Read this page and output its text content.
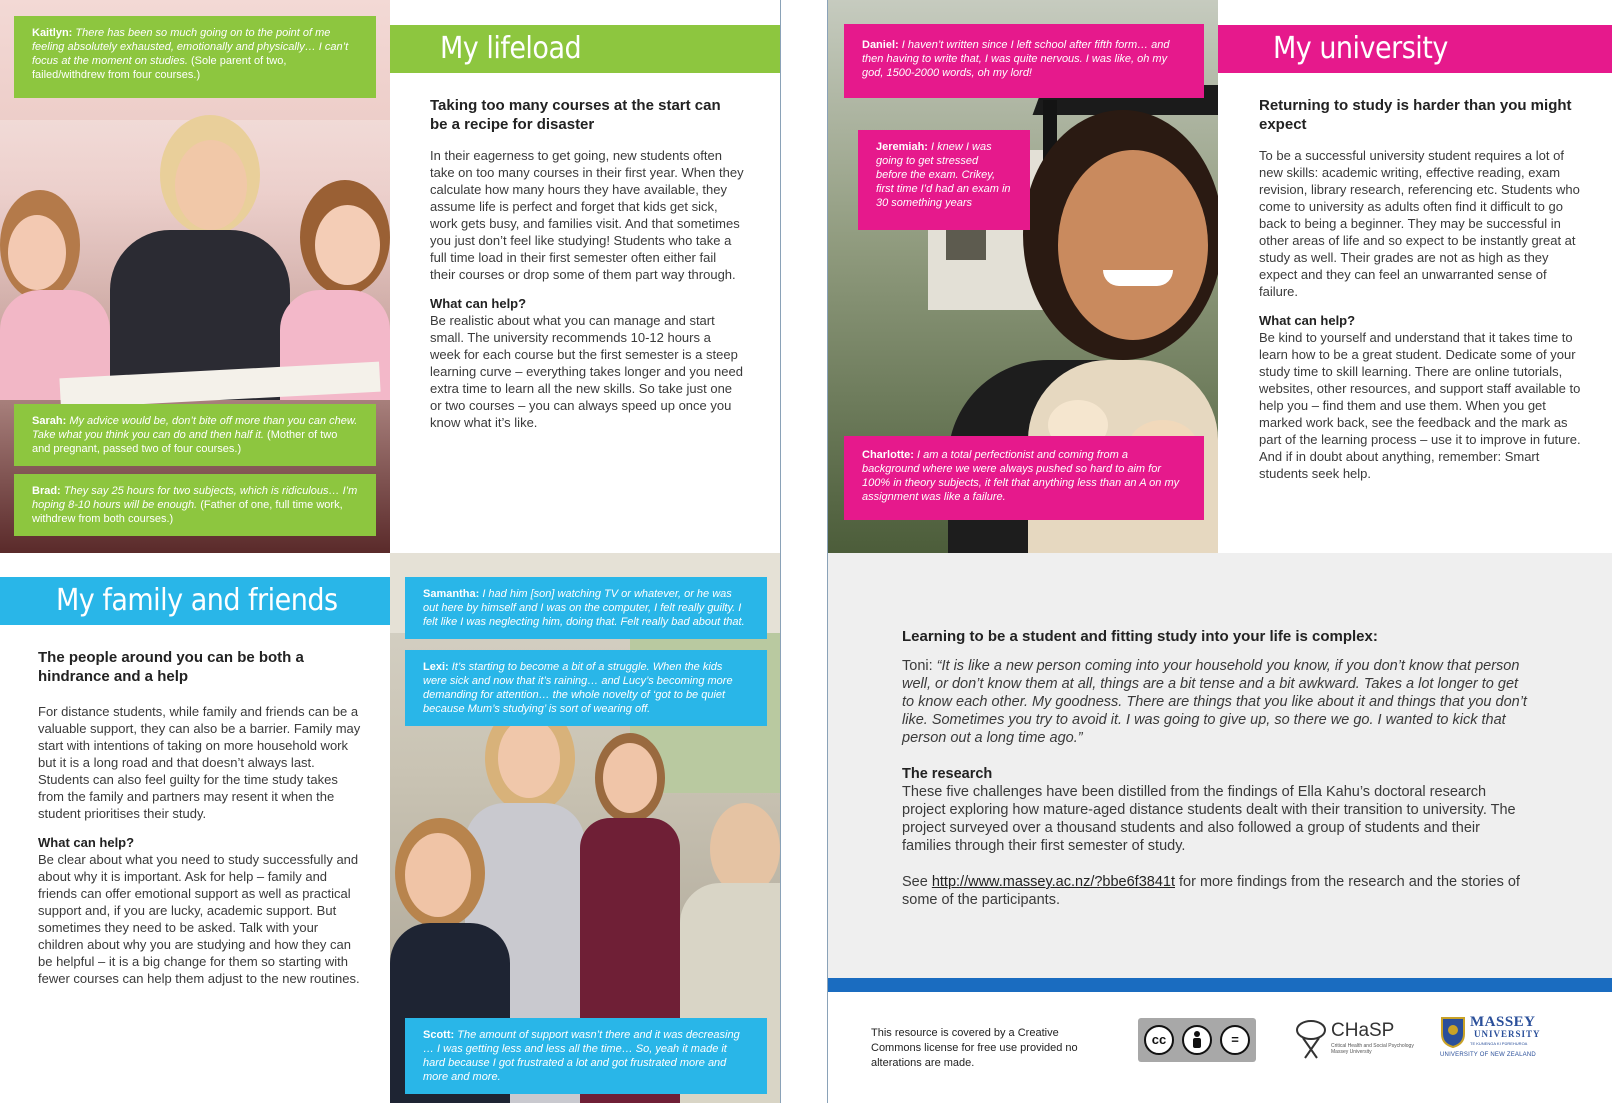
Kaitlyn: There has been so much going on to the point of me feeling absolutely exhausted, emotionally and physically… I can’t focus at the moment on studies. (Sole parent of two, failed/withdrew from four courses.)
Sarah: My advice would be, don’t bite off more than you can chew. Take what you think you can do and then half it. (Mother of two and pregnant, passed two of four courses.)
Brad: They say 25 hours for two subjects, which is ridiculous… I’m hoping 8-10 hours will be enough. (Father of one, full time work, withdrew from both courses.)
My lifeload
Taking too many courses at the start can be a recipe for disaster

In their eagerness to get going, new students often take on too many courses in their first year. When they calculate how many hours they have available, they assume life is perfect and forget that kids get sick, work gets busy, and families visit. And that sometimes you just don’t feel like studying! Students who take a full time load in their first semester often either fail their courses or drop some of them part way through.

What can help?
Be realistic about what you can manage and start small. The university recommends 10-12 hours a week for each course but the first semester is a steep learning curve – everything takes longer and you need extra time to learn all the new skills. So take just one or two courses – you can always speed up once you know what it’s like.
My family and friends
The people around you can be both a hindrance and a help

For distance students, while family and friends can be a valuable support, they can also be a barrier. Family may start with intentions of taking on more household work but it is a long road and that doesn’t always last. Students can also feel guilty for the time study takes from the family and partners may resent it when the student prioritises their study.

What can help?
Be clear about what you need to study successfully and about why it is important. Ask for help – family and friends can offer emotional support as well as practical support and, if you are lucky, academic support. But sometimes they need to be asked. Talk with your children about why you are studying and how they can be helpful – it is a big change for them so starting with fewer courses can help them adjust to the new routines.
Samantha: I had him [son] watching TV or whatever, or he was out here by himself and I was on the computer, I felt really guilty. I felt like I was neglecting him, doing that. Felt really bad about that.
Lexi: It’s starting to become a bit of a struggle. When the kids were sick and now that it’s raining… and Lucy’s becoming more demanding for attention… the whole novelty of ‘got to be quiet because Mum’s studying’ is sort of wearing off.
Scott: The amount of support wasn’t there and it was decreasing … I was getting less and less all the time… So, yeah it made it hard because I got frustrated a lot and got frustrated more and more and more.
Daniel: I haven’t written since I left school after fifth form… and then having to write that, I was quite nervous. I was like, oh my god, 1500-2000 words, oh my lord!
Jeremiah: I knew I was going to get stressed before the exam. Crikey, first time I’d had an exam in 30 something years
Charlotte: I am a total perfectionist and coming from a background where we were always pushed so hard to aim for 100% in theory subjects, it felt that anything less than an A on my assignment was like a failure.
My university
Returning to study is harder than you might expect

To be a successful university student requires a lot of new skills: academic writing, effective reading, exam revision, library research, referencing etc. Students who come to university as adults often find it difficult to go back to being a beginner. They may be successful in other areas of life and so expect to be instantly great at study as well. Their grades are not as high as they expect and they can feel an unwarranted sense of failure.

What can help?
Be kind to yourself and understand that it takes time to learn how to be a great student. Dedicate some of your study time to skill learning. There are online tutorials, websites, other resources, and support staff available to help you – find them and use them. When you get marked work back, see the feedback and the mark as part of the learning process – use it to improve in future. And if in doubt about anything, remember: Smart students seek help.
Learning to be a student and fitting study into your life is complex:
Toni: “It is like a new person coming into your household you know, if you don’t know that person well, or don’t know them at all, things are a bit tense and a bit awkward. Takes a lot longer to get to know each other. My goodness. There are things that you like about it and things that you don’t like. Sometimes you try to avoid it. I was going to give up, so there we go. I wanted to kick that person out a long time ago.”
The research

These five challenges have been distilled from the findings of Ella Kahu’s doctoral research project exploring how mature-aged distance students dealt with their transition to university. The project surveyed over a thousand students and also followed a group of students and their families through their first semester of study.

See http://www.massey.ac.nz/?bbe6f3841t for more findings from the research and the stories of some of the participants.

This resource is covered by a Creative Commons license for free use provided no alterations are made.
cc	=	CHaSP
Critical Health and Social Psychology
Massey University
MASSEY
UNIVERSITY
TE KUNENGA KI PŪREHUROA
UNIVERSITY OF NEW ZEALAND
